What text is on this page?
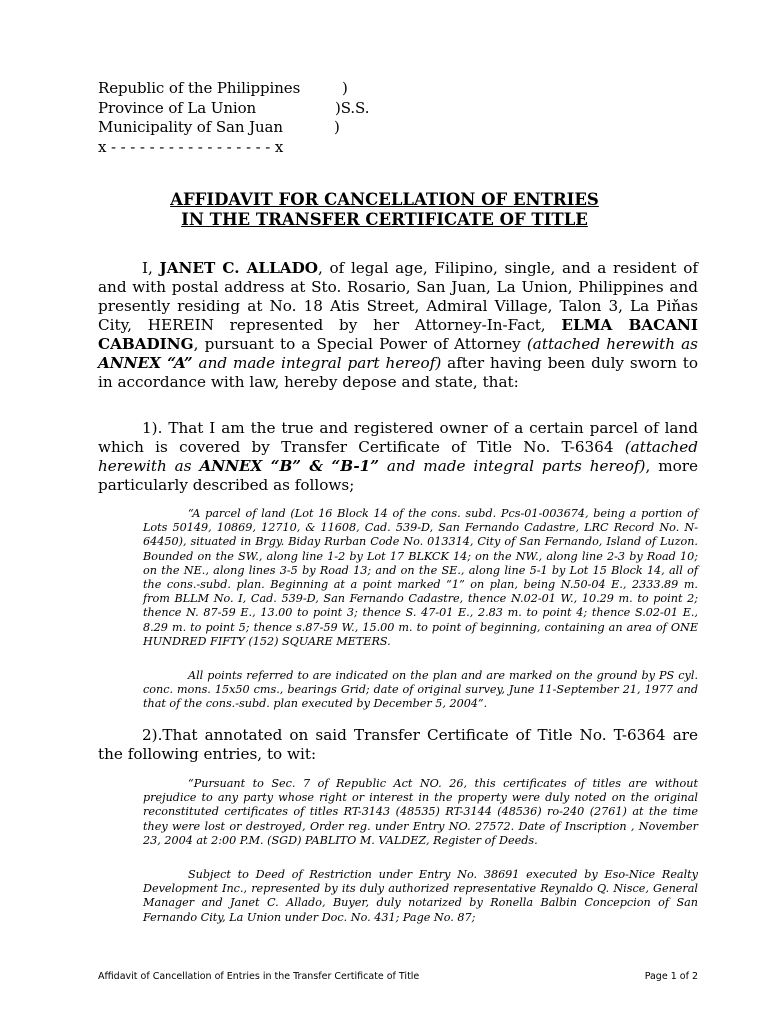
Republic of the Philippines	)
Province of La Union	)S.S.
Municipality of San Juan	)
x - - - - - - - - - - - - - - - - - x
AFFIDAVIT FOR CANCELLATION OF ENTRIES
IN THE TRANSFER CERTIFICATE OF TITLE
I, JANET C. ALLADO, of legal age, Filipino, single, and a resident of and with postal address at Sto. Rosario, San Juan, La Union, Philippines and presently residing at No. 18 Atis Street, Admiral Village, Talon 3, La Piňas City, HEREIN represented by her Attorney-In-Fact, ELMA BACANI CABADING, pursuant to a Special Power of Attorney (attached herewith as ANNEX “A” and made integral part hereof) after having been duly sworn to in accordance with law, hereby depose and state, that:
1). That I am the true and registered owner of a certain parcel of land which is covered by Transfer Certificate of Title No. T-6364 (attached herewith as ANNEX “B” & “B-1” and made integral parts hereof), more particularly described as follows;
“A parcel of land (Lot 16 Block 14 of the cons. subd. Pcs-01-003674, being a portion of Lots 50149, 10869, 12710, & 11608, Cad. 539-D, San Fernando Cadastre, LRC Record No. N-64450), situated in Brgy. Biday Rurban Code No. 013314, City of San Fernando, Island of Luzon. Bounded on the SW., along line 1-2 by Lot 17 BLKCK 14; on the NW., along line 2-3 by Road 10; on the NE., along lines 3-5 by Road 13; and on the SE., along line 5-1 by Lot 15 Block 14, all of the cons.-subd. plan. Beginning at a point marked “1” on plan, being N.50-04 E., 2333.89 m. from BLLM No. I, Cad. 539-D, San Fernando Cadastre, thence N.02-01 W., 10.29 m. to point 2; thence N. 87-59 E., 13.00 to point 3; thence S. 47-01 E., 2.83 m. to point 4; thence S.02-01 E., 8.29 m. to point 5; thence s.87-59 W., 15.00 m. to point of beginning, containing an area of ONE HUNDRED FIFTY (152) SQUARE METERS.
All points referred to are indicated on the plan and are marked on the ground by PS cyl. conc. mons. 15x50 cms., bearings Grid; date of original survey, June 11-September 21, 1977 and that of the cons.-subd. plan executed by December 5, 2004”.
2).That annotated on said Transfer Certificate of Title No. T-6364 are the following entries, to wit:
“Pursuant to Sec. 7 of Republic Act NO. 26, this certificates of titles are without prejudice to any party whose right or interest in the property were duly noted on the original reconstituted certificates of titles RT-3143 (48535) RT-3144 (48536) ro-240 (2761) at the time they were lost or destroyed, Order reg. under Entry NO. 27572. Date of Inscription , November 23, 2004 at 2:00 P.M. (SGD) PABLITO M. VALDEZ, Register of Deeds.
Subject to Deed of Restriction under Entry No. 38691 executed by Eso-Nice Realty Development Inc., represented by its duly authorized representative Reynaldo Q. Nisce, General Manager and Janet C. Allado, Buyer, duly notarized by Ronella Balbin Concepcion of San Fernando City, La Union under Doc. No. 431; Page No. 87;
Affidavit of Cancellation of Entries in the Transfer Certificate of Title	Page 1 of 2
